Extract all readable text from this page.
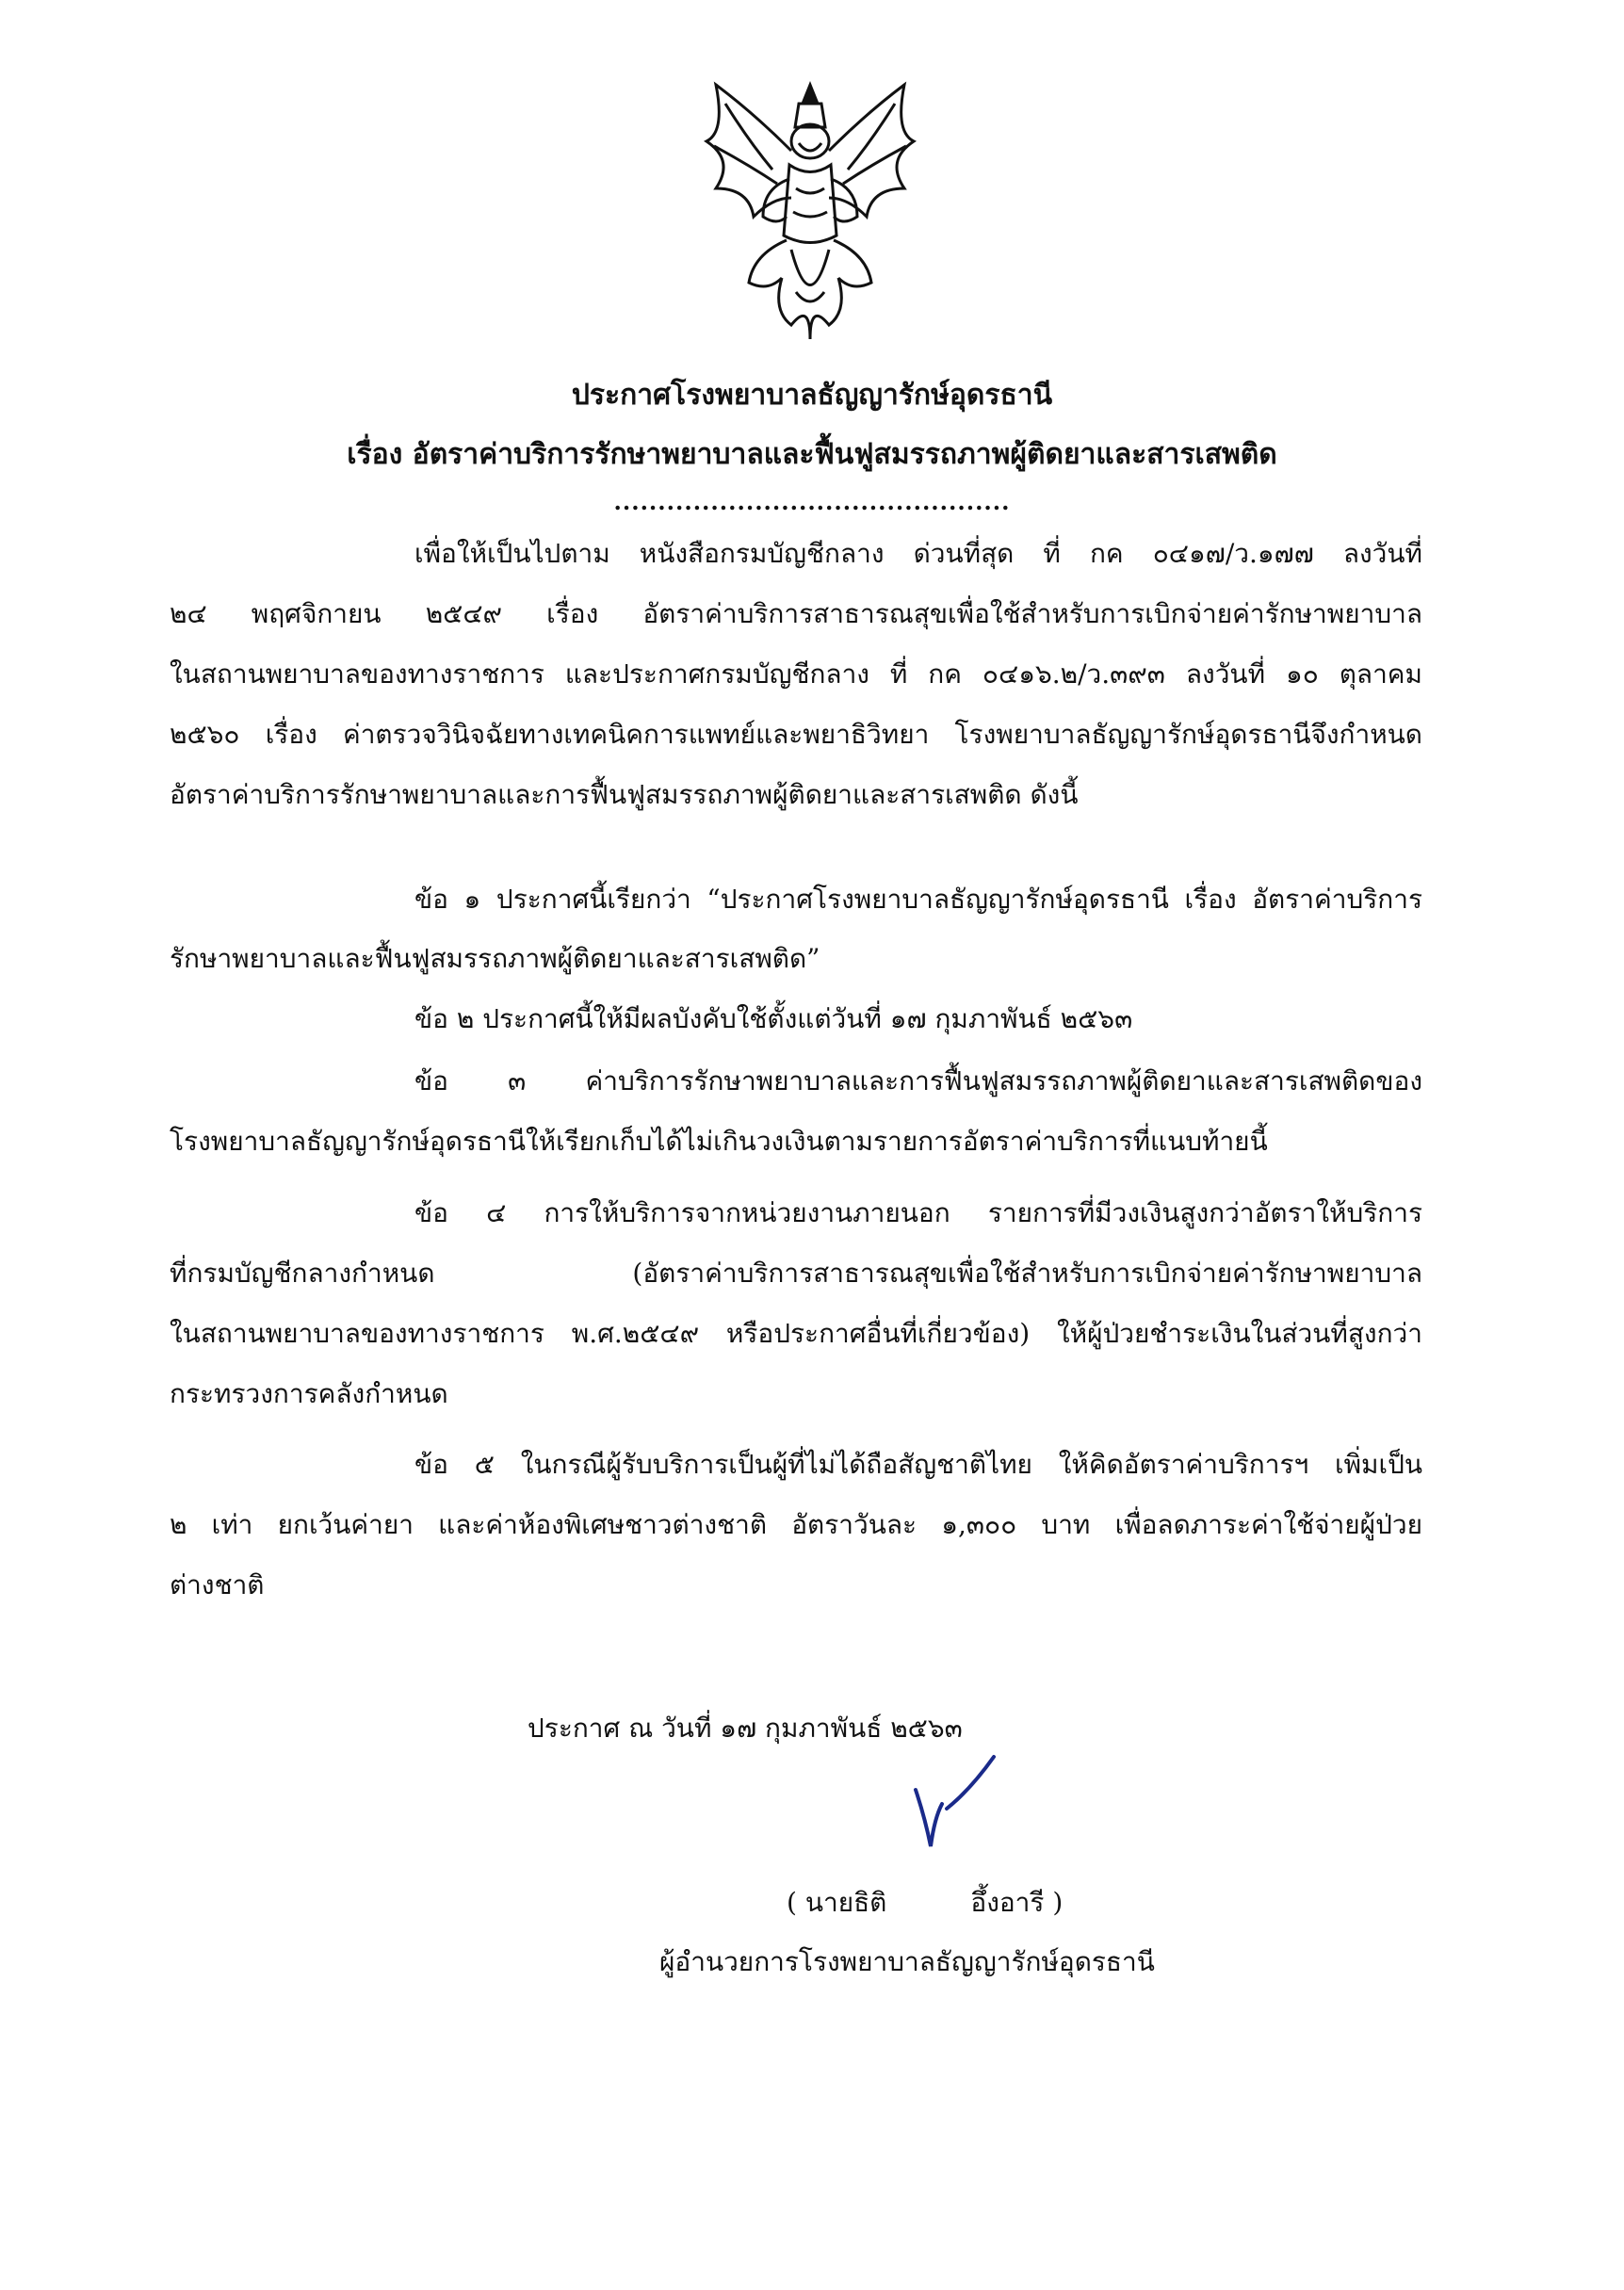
ประกาศโรงพยาบาลธัญญารักษ์อุดรธานี
เรื่อง อัตราค่าบริการรักษาพยาบาลและฟื้นฟูสมรรถภาพผู้ติดยาและสารเสพติด
.............................................
เพื่อให้เป็นไปตาม หนังสือกรมบัญชีกลาง ด่วนที่สุด ที่ กค ๐๔๑๗/ว.๑๗๗ ลงวันที่
๒๔ พฤศจิกายน ๒๕๔๙ เรื่อง อัตราค่าบริการสาธารณสุขเพื่อใช้สำหรับการเบิกจ่ายค่ารักษาพยาบาล
ในสถานพยาบาลของทางราชการ และประกาศกรมบัญชีกลาง ที่ กค ๐๔๑๖.๒/ว.๓๙๓ ลงวันที่ ๑๐ ตุลาคม
๒๕๖๐ เรื่อง ค่าตรวจวินิจฉัยทางเทคนิคการแพทย์และพยาธิวิทยา โรงพยาบาลธัญญารักษ์อุดรธานีจึงกำหนด
อัตราค่าบริการรักษาพยาบาลและการฟื้นฟูสมรรถภาพผู้ติดยาและสารเสพติด ดังนี้
ข้อ ๑ ประกาศนี้เรียกว่า “ประกาศโรงพยาบาลธัญญารักษ์อุดรธานี เรื่อง อัตราค่าบริการ
รักษาพยาบาลและฟื้นฟูสมรรถภาพผู้ติดยาและสารเสพติด”
ข้อ ๒ ประกาศนี้ให้มีผลบังคับใช้ตั้งแต่วันที่ ๑๗ กุมภาพันธ์ ๒๕๖๓
ข้อ ๓ ค่าบริการรักษาพยาบาลและการฟื้นฟูสมรรถภาพผู้ติดยาและสารเสพติดของ
โรงพยาบาลธัญญารักษ์อุดรธานีให้เรียกเก็บได้ไม่เกินวงเงินตามรายการอัตราค่าบริการที่แนบท้ายนี้
ข้อ ๔ การให้บริการจากหน่วยงานภายนอก รายการที่มีวงเงินสูงกว่าอัตราให้บริการ
ที่กรมบัญชีกลางกำหนด (อัตราค่าบริการสาธารณสุขเพื่อใช้สำหรับการเบิกจ่ายค่ารักษาพยาบาล
ในสถานพยาบาลของทางราชการ พ.ศ.๒๕๔๙ หรือประกาศอื่นที่เกี่ยวข้อง) ให้ผู้ป่วยชำระเงินในส่วนที่สูงกว่า
กระทรวงการคลังกำหนด
ข้อ ๕ ในกรณีผู้รับบริการเป็นผู้ที่ไม่ได้ถือสัญชาติไทย ให้คิดอัตราค่าบริการฯ เพิ่มเป็น
๒ เท่า ยกเว้นค่ายา และค่าห้องพิเศษชาวต่างชาติ อัตราวันละ ๑,๓๐๐ บาท เพื่อลดภาระค่าใช้จ่ายผู้ป่วย
ต่างชาติ
ประกาศ ณ วันที่ ๑๗ กุมภาพันธ์ ๒๕๖๓
( นายธิติ          อึ้งอารี )
ผู้อำนวยการโรงพยาบาลธัญญารักษ์อุดรธานี
